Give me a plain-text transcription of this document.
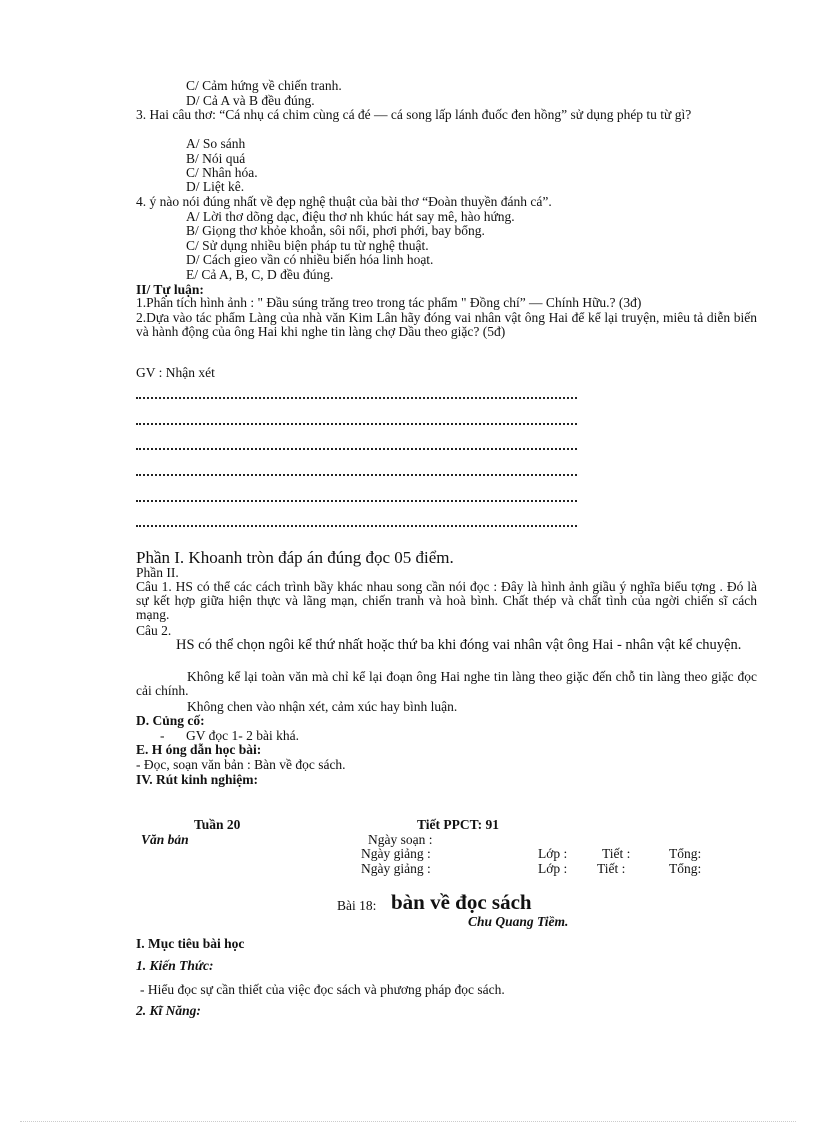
C/ Cảm hứng về chiến tranh.
D/ Cả A và B đều đúng.
3. Hai câu thơ: “Cá nhụ cá chim cùng cá đé — cá song lấp lánh đuốc đen hồng” sử dụng phép tu từ gì?
A/ So sánh
B/ Nói quá
C/ Nhân hóa.
D/ Liệt kê.
4. ý nào nói đúng nhất về đẹp nghệ thuật của bài thơ “Đoàn thuyền đánh cá”.
A/ Lời thơ dõng dạc, điệu thơ nh khúc hát say mê, hào hứng.
B/ Giọng thơ khỏe khoắn, sôi nổi, phơi phới, bay bổng.
C/ Sử dụng nhiều biện pháp tu từ nghệ thuật.
D/ Cách gieo vần có nhiều biến hóa linh hoạt.
E/ Cả A, B, C, D đều đúng.
II/ Tự luận:
1.Phân tích hình ảnh : " Đầu súng trăng treo trong tác phẩm " Đồng chí” — Chính Hữu.? (3đ)
2.Dựa vào tác phẩm Làng của nhà văn Kim Lân hãy đóng vai nhân vật ông Hai để kể lại truyện, miêu tả diễn biến và hành động của ông Hai khi nghe tin làng chợ Dầu theo giặc? (5đ)
GV : Nhận xét
Phần I. Khoanh tròn đáp án đúng đọc 05 điểm.
Phần II.
Câu 1. HS có thể các cách trình bầy khác nhau song cần nói đọc : Đây là hình ảnh giầu ý nghĩa biểu tợng . Đó là sự kết hợp giữa hiện thực và lãng mạn, chiến tranh và hoà bình. Chất thép và chất tình của ngời chiến sĩ cách mạng.
Câu 2.
HS có thể chọn ngôi kể thứ nhất hoặc thứ ba khi đóng vai nhân vật ông Hai - nhân vật kể chuyện.
Không kể lại toàn văn mà chỉ kể lại đoạn ông Hai nghe tin làng theo giặc đến chỗ tin làng theo giặc đọc cải chính.
Không chen vào nhận xét, cảm xúc hay bình luận.
D. Củng cố:
- GV đọc 1- 2 bài khá.
E. H óng dẫn học bài:
- Đọc, soạn văn bản : Bàn về đọc sách.
IV. Rút kinh nghiệm:
Tuần 20	Tiết PPCT: 91
Văn bản	Ngày soạn :
Ngày giảng :	Lớp :	Tiết :	Tổng:
Ngày giảng :	Lớp : Tiết :	Tổng:
Bài 18: bàn về đọc sách
Chu Quang Tiềm.
I. Mục tiêu bài học
1. Kiến Thức:
- Hiểu đọc sự cần thiết của việc đọc sách và phương pháp đọc sách.
2. Kĩ Năng:
